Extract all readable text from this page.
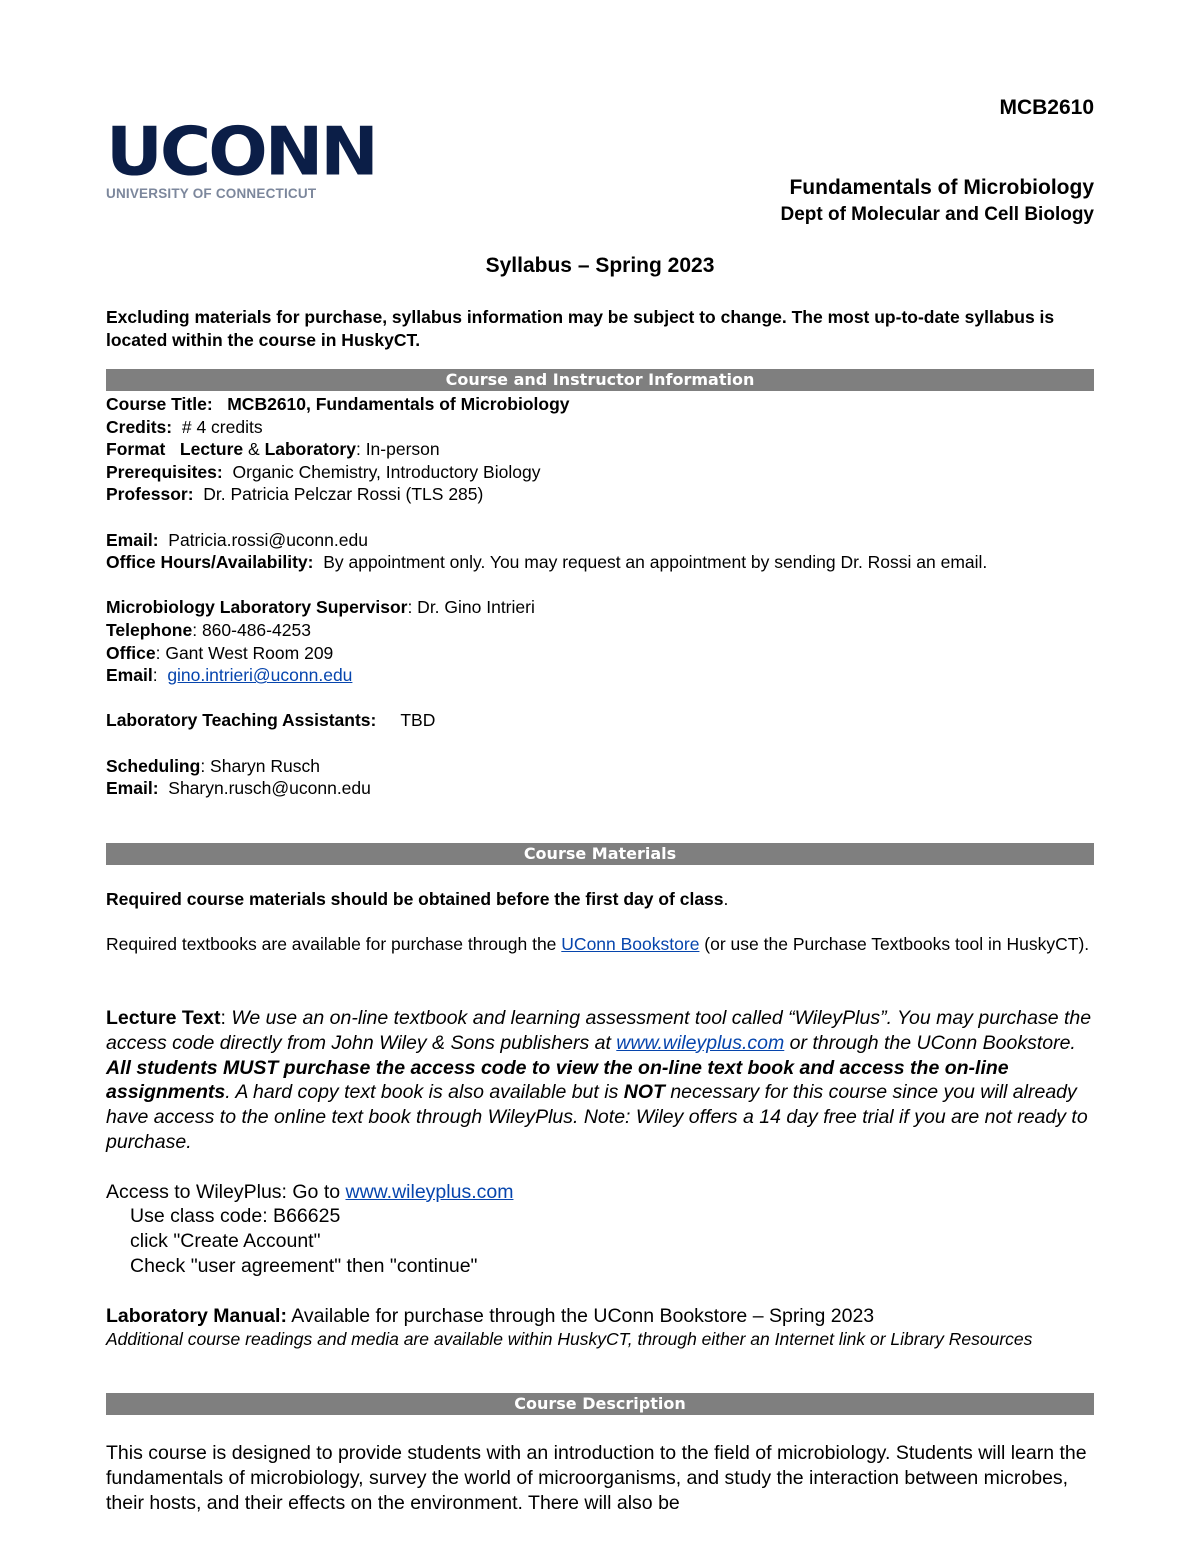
UCONN
UNIVERSITY OF CONNECTICUT
MCB2610
Fundamentals of Microbiology
Dept of Molecular and Cell Biology
Syllabus – Spring 2023
Excluding materials for purchase, syllabus information may be subject to change. The most up-to-date syllabus is located within the course in HuskyCT.
Course and Instructor Information
Course Title: MCB2610, Fundamentals of Microbiology
Credits: # 4 credits
Format Lecture & Laboratory: In-person
Prerequisites: Organic Chemistry, Introductory Biology
Professor: Dr. Patricia Pelczar Rossi (TLS 285)
Email: Patricia.rossi@uconn.edu

Office Hours/Availability: By appointment only. You may request an appointment by sending Dr. Rossi an email.

Microbiology Laboratory Supervisor: Dr. Gino Intrieri
Telephone: 860-486-4253
Office: Gant West Room 209
Email: gino.intrieri@uconn.edu
Laboratory Teaching Assistants: TBD
Scheduling: Sharyn Rusch
Email: Sharyn.rusch@uconn.edu
Course Materials
Required course materials should be obtained before the first day of class.

Required textbooks are available for purchase through the UConn Bookstore (or use the Purchase Textbooks tool in HuskyCT).

Lecture Text: We use an on-line textbook and learning assessment tool called “WileyPlus”. You may purchase the access code directly from John Wiley & Sons publishers at www.wileyplus.com or through the UConn Bookstore. All students MUST purchase the access code to view the on-line text book and access the on-line assignments. A hard copy text book is also available but is NOT necessary for this course since you will already have access to the online text book through WileyPlus. Note: Wiley offers a 14 day free trial if you are not ready to purchase.

Access to WileyPlus: Go to www.wileyplus.com
Use class code: B66625
click "Create Account"
Check "user agreement" then "continue"
Laboratory Manual: Available for purchase through the UConn Bookstore – Spring 2023
Additional course readings and media are available within HuskyCT, through either an Internet link or Library Resources
Course Description
This course is designed to provide students with an introduction to the field of microbiology. Students will learn the fundamentals of microbiology, survey the world of microorganisms, and study the interaction between microbes, their hosts, and their effects on the environment. There will also be
